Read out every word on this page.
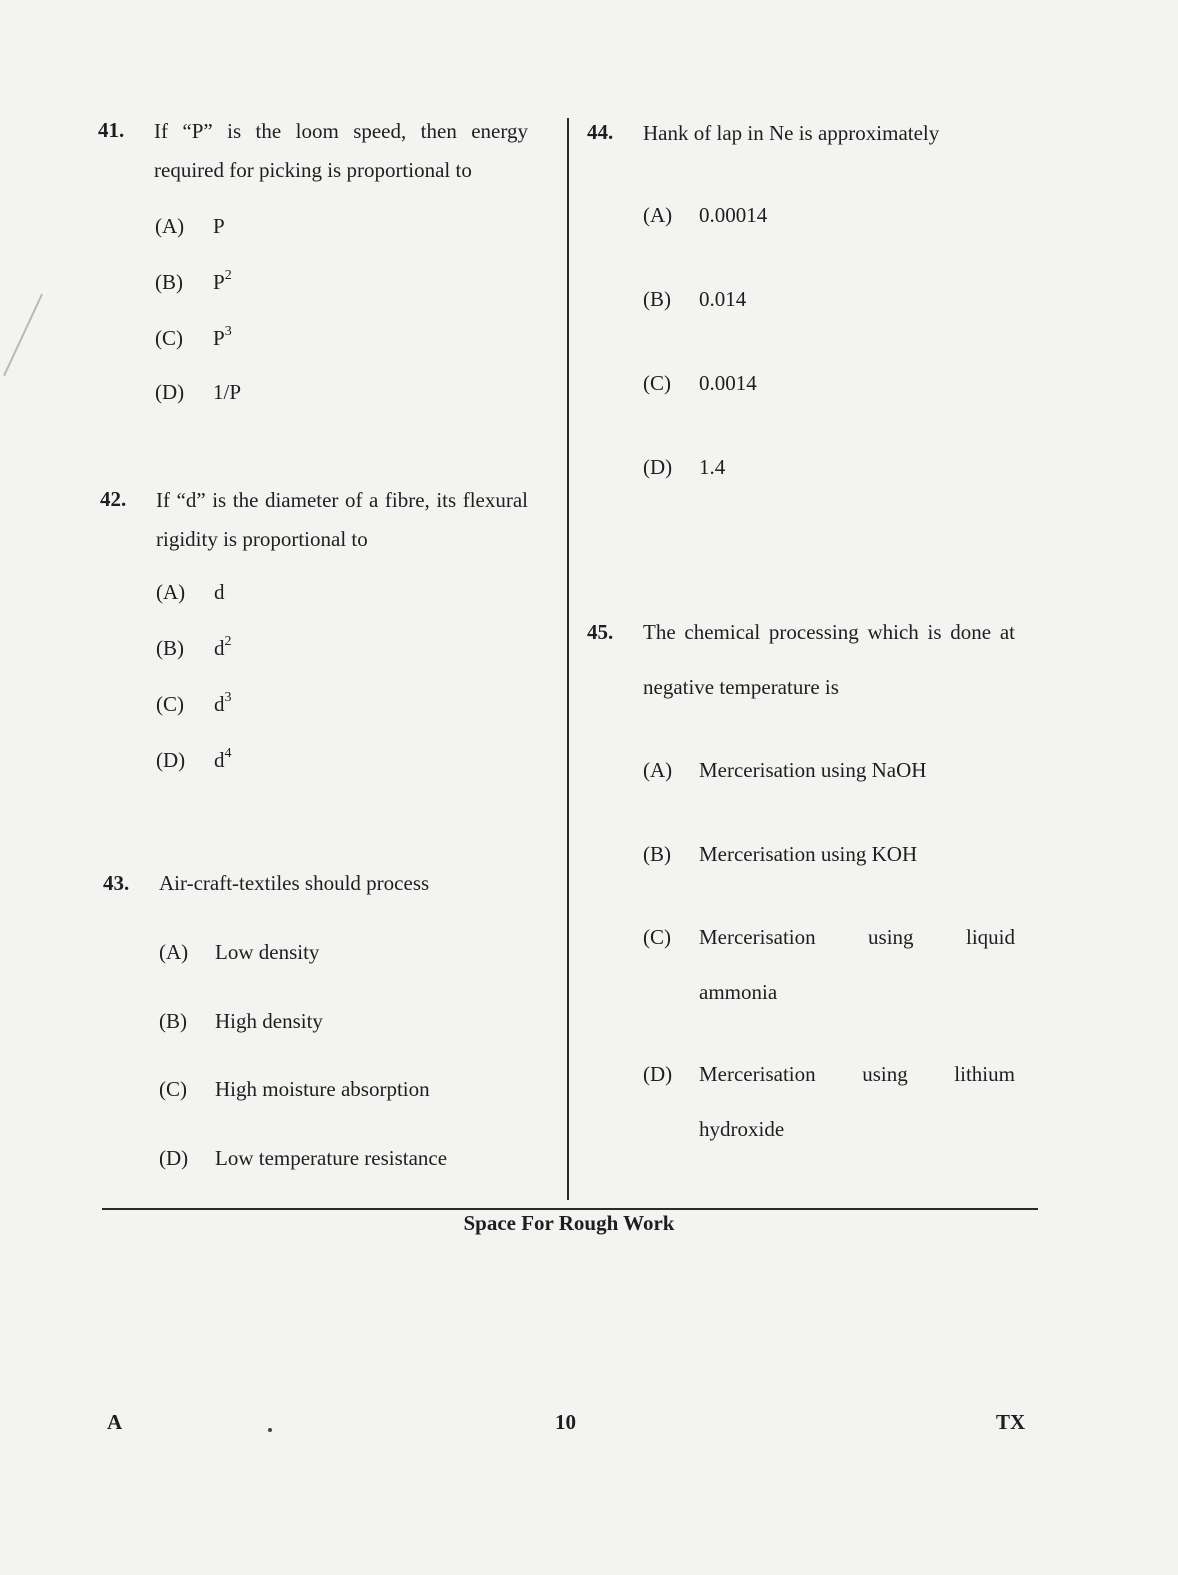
41. If “P” is the loom speed, then energy required for picking is proportional to
(A) P
(B) $P^2$
(C) $P^3$
(D) 1/P
42. If “d” is the diameter of a fibre, its flexural rigidity is proportional to
(A) d
(B) $d^2$
(C) $d^3$
(D) $d^4$
43. Air-craft-textiles should process
(A) Low density
(B) High density
(C) High moisture absorption
(D) Low temperature resistance
44. Hank of lap in Ne is approximately
(A) 0.00014
(B) 0.014
(C) 0.0014
(D) 1.4
45. The chemical processing which is done at negative temperature is
(A) Mercerisation using NaOH
(B) Mercerisation using KOH
(C)	Mercerisation using liquid
ammonia
(D)	Mercerisation using lithium
hydroxide
Space For Rough Work
A	10	TX
